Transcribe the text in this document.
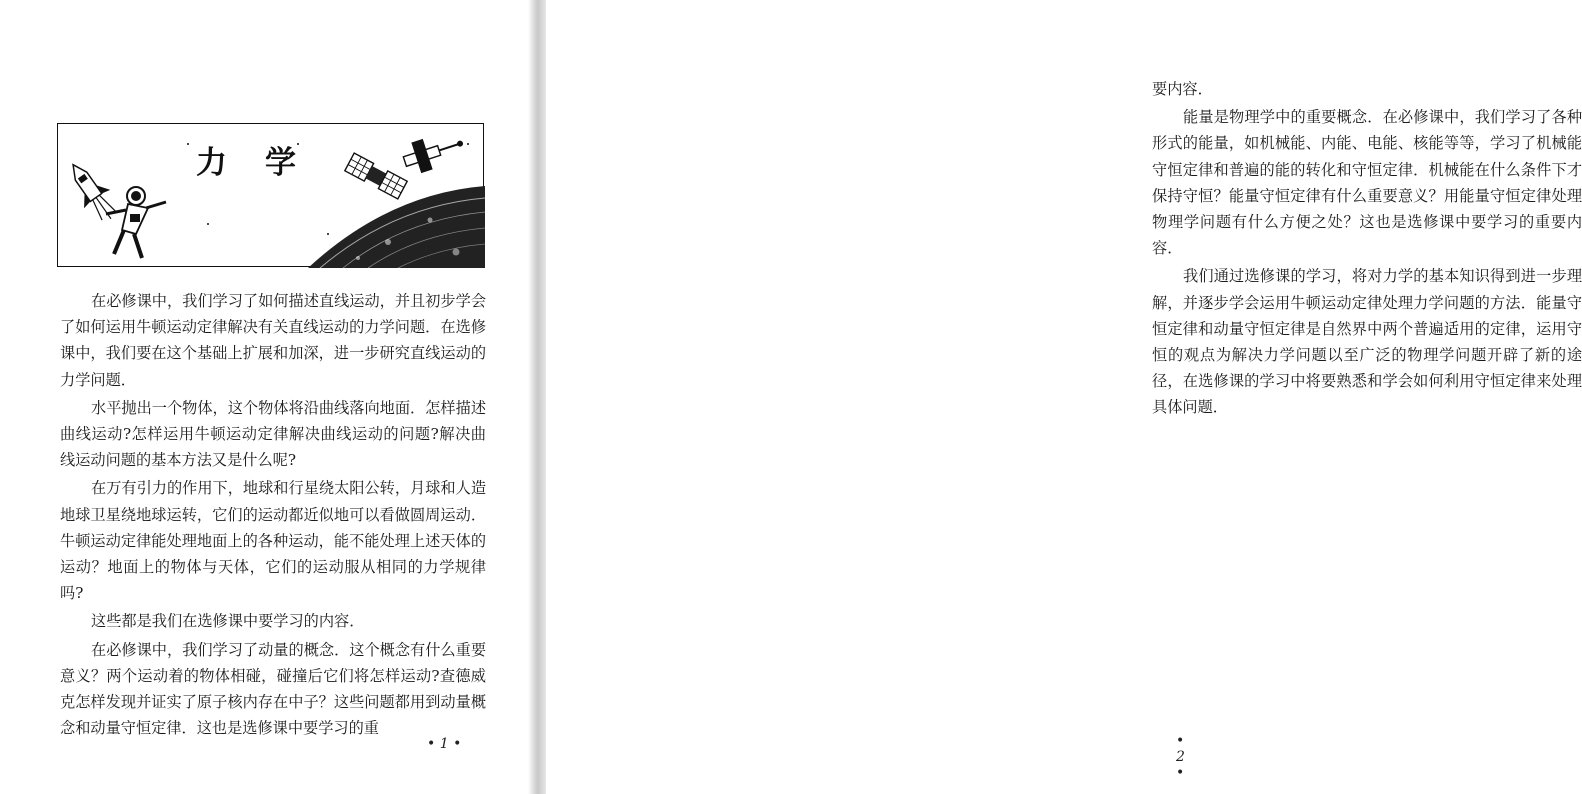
力学

在必修课中，我们学习了如何描述直线运动，并且初步学会了如何运用牛顿运动定律解决有关直线运动的力学问题．在选修课中，我们要在这个基础上扩展和加深，进一步研究直线运动的力学问题．

水平抛出一个物体，这个物体将沿曲线落向地面．怎样描述曲线运动?怎样运用牛顿运动定律解决曲线运动的问题?解决曲线运动问题的基本方法又是什么呢?

在万有引力的作用下，地球和行星绕太阳公转，月球和人造地球卫星绕地球运转，它们的运动都近似地可以看做圆周运动．牛顿运动定律能处理地面上的各种运动，能不能处理上述天体的运动？地面上的物体与天体，它们的运动服从相同的力学规律吗?

这些都是我们在选修课中要学习的内容．

在必修课中，我们学习了动量的概念．这个概念有什么重要意义？两个运动着的物体相碰，碰撞后它们将怎样运动?查德威克怎样发现并证实了原子核内存在中子？这些问题都用到动量概念和动量守恒定律．这也是选修课中要学习的重

• 1 •

要内容．

能量是物理学中的重要概念．在必修课中，我们学习了各种形式的能量，如机械能、内能、电能、核能等等，学习了机械能守恒定律和普遍的能的转化和守恒定律．机械能在什么条件下才保持守恒？能量守恒定律有什么重要意义？用能量守恒定律处理物理学问题有什么方便之处？这也是选修课中要学习的重要内容．

我们通过选修课的学习，将对力学的基本知识得到进一步理解，并逐步学会运用牛顿运动定律处理力学问题的方法．能量守恒定律和动量守恒定律是自然界中两个普遍适用的定律，运用守恒的观点为解决力学问题以至广泛的物理学问题开辟了新的途径，在选修课的学习中将要熟悉和学会如何利用守恒定律来处理具体问题．

• 2 •
